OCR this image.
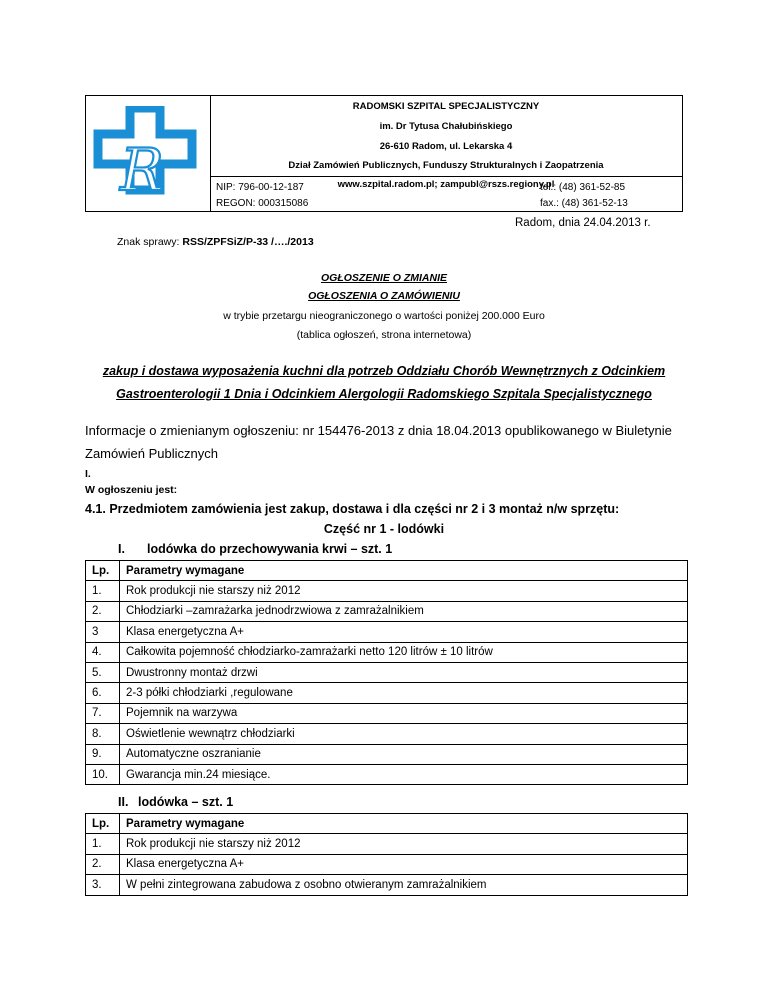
R
RADOMSKI SZPITAL SPECJALISTYCZNY
im. Dr Tytusa Chałubińskiego
26-610 Radom, ul. Lekarska 4
Dział Zamówień Publicznych, Funduszy Strukturalnych i Zaopatrzenia
www.szpital.radom.pl; zampubl@rszs.regiony.pl
NIP: 796-00-12-187	tel.: (48) 361-52-85
REGON: 000315086	fax.: (48) 361-52-13
Radom, dnia 24.04.2013 r.
Znak sprawy: RSS/ZPFSiZ/P-33 /…./2013
OGŁOSZENIE O ZMIANIE
OGŁOSZENIA O ZAMÓWIENIU
w trybie przetargu nieograniczonego o wartości poniżej 200.000 Euro
(tablica ogłoszeń, strona internetowa)
zakup i dostawa wyposażenia kuchni dla potrzeb Oddziału Chorób Wewnętrznych z Odcinkiem
Gastroenterologii 1 Dnia i Odcinkiem Alergologii Radomskiego Szpitala Specjalistycznego
Informacje o zmienianym ogłoszeniu: nr 154476-2013 z dnia 18.04.2013 opublikowanego w Biuletynie
Zamówień Publicznych
I.
W ogłoszeniu jest:
4.1. Przedmiotem zamówienia jest zakup, dostawa i dla części nr 2 i 3 montaż n/w sprzętu:
Część nr 1 - lodówki
I. lodówka do przechowywania krwi – szt. 1
Lp.	Parametry wymagane
1.	Rok produkcji nie starszy niż 2012
2.	Chłodziarki –zamrażarka jednodrzwiowa z zamrażalnikiem
3	Klasa energetyczna A+
4.	Całkowita pojemność chłodziarko-zamrażarki netto 120 litrów ± 10 litrów
5.	Dwustronny montaż drzwi
6.	2-3 półki chłodziarki ,regulowane
7.	Pojemnik na warzywa
8.	Oświetlenie wewnątrz chłodziarki
9.	Automatyczne oszranianie
10.	Gwarancja min.24 miesiące.
II. lodówka – szt. 1
Lp.	Parametry wymagane
1.	Rok produkcji nie starszy niż 2012
2.	Klasa energetyczna A+
3.	W pełni zintegrowana zabudowa z osobno otwieranym zamrażalnikiem
